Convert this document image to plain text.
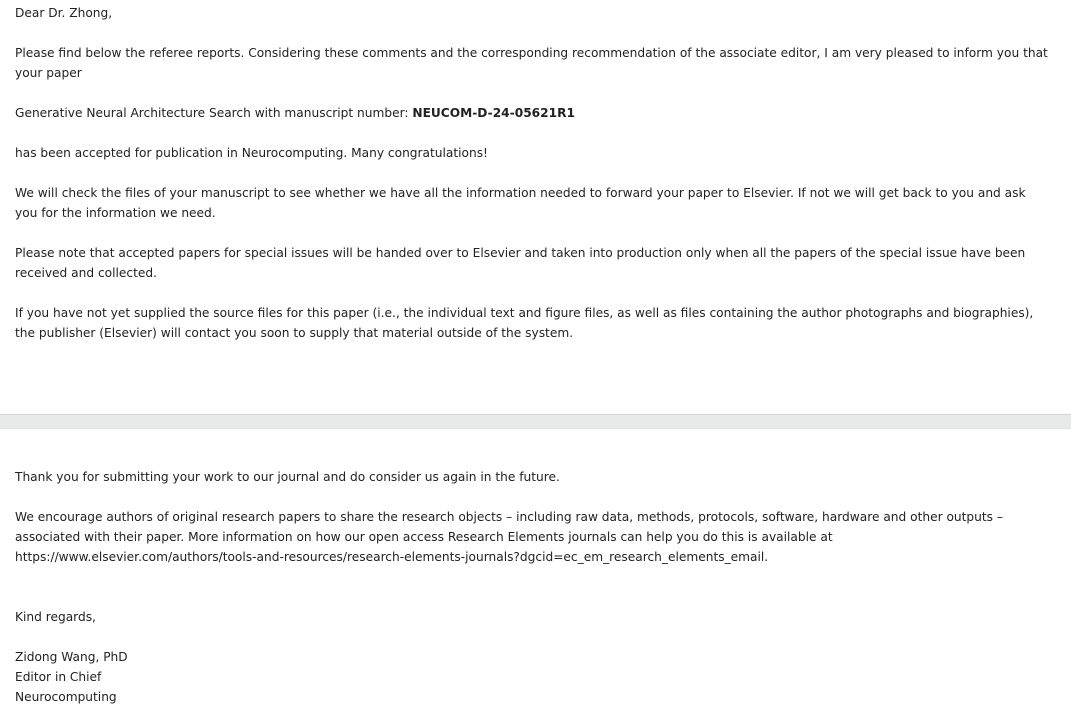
Dear Dr. Zhong,

Please find below the referee reports. Considering these comments and the corresponding recommendation of the associate editor, I am very pleased to inform you that your paper

Generative Neural Architecture Search with manuscript number: NEUCOM-D-24-05621R1

has been accepted for publication in Neurocomputing. Many congratulations!

We will check the files of your manuscript to see whether we have all the information needed to forward your paper to Elsevier. If not we will get back to you and ask you for the information we need.

Please note that accepted papers for special issues will be handed over to Elsevier and taken into production only when all the papers of the special issue have been received and collected.

If you have not yet supplied the source files for this paper (i.e., the individual text and figure files, as well as files containing the author photographs and biographies), the publisher (Elsevier) will contact you soon to supply that material outside of the system.

Thank you for submitting your work to our journal and do consider us again in the future.

We encourage authors of original research papers to share the research objects – including raw data, methods, protocols, software, hardware and other outputs –
associated with their paper. More information on how our open access Research Elements journals can help you do this is available at
https://www.elsevier.com/authors/tools-and-resources/research-elements-journals?dgcid=ec_em_research_elements_email.

Kind regards,

Zidong Wang, PhD
Editor in Chief
Neurocomputing
